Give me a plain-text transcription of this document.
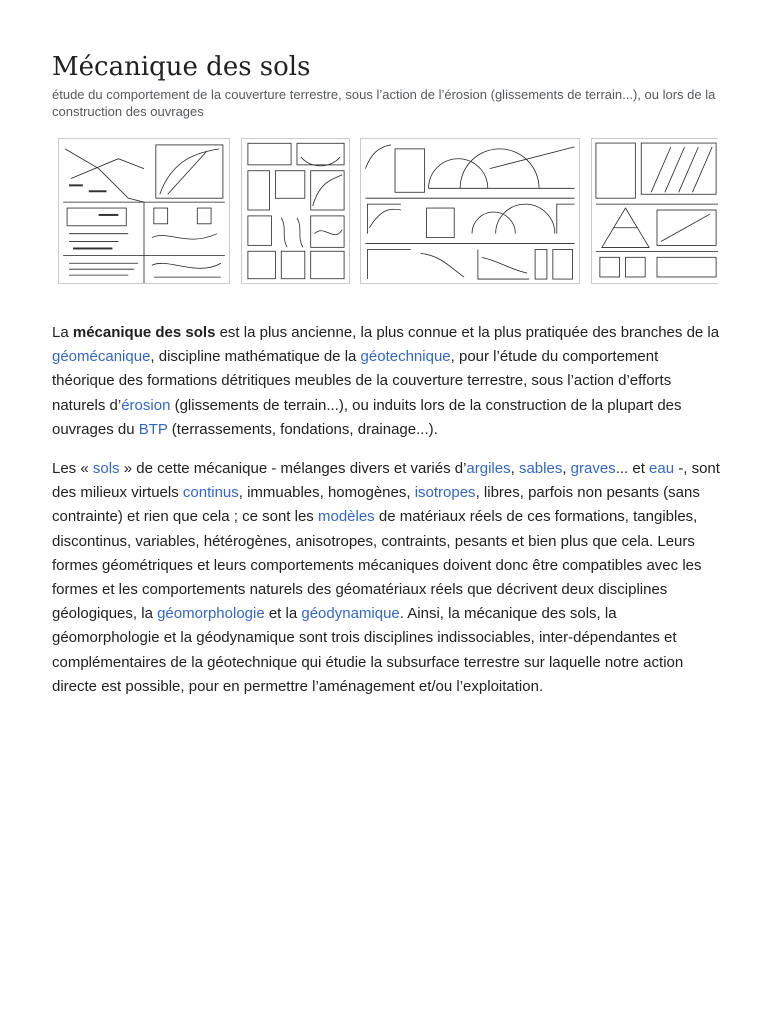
Mécanique des sols

étude du comportement de la couverture terrestre, sous l’action de l’érosion (glissements de terrain...), ou lors de la construction des ouvrages

La mécanique des sols est la plus ancienne, la plus connue et la plus pratiquée des branches de la géomécanique, discipline mathématique de la géotechnique, pour l’étude du comportement théorique des formations détritiques meubles de la couverture terrestre, sous l’action d’efforts naturels d’érosion (glissements de terrain...), ou induits lors de la construction de la plupart des ouvrages du BTP (terrassements, fondations, drainage...).

Les « sols » de cette mécanique - mélanges divers et variés d’argiles, sables, graves... et eau -, sont des milieux virtuels continus, immuables, homogènes, isotropes, libres, parfois non pesants (sans contrainte) et rien que cela ; ce sont les modèles de matériaux réels de ces formations, tangibles, discontinus, variables, hétérogènes, anisotropes, contraints, pesants et bien plus que cela. Leurs formes géométriques et leurs comportements mécaniques doivent donc être compatibles avec les formes et les comportements naturels des géomatériaux réels que décrivent deux disciplines géologiques, la géomorphologie et la géodynamique. Ainsi, la mécanique des sols, la géomorphologie et la géodynamique sont trois disciplines indissociables, inter-dépendantes et complémentaires de la géotechnique qui étudie la subsurface terrestre sur laquelle notre action directe est possible, pour en permettre l’aménagement et/ou l’exploitation.
